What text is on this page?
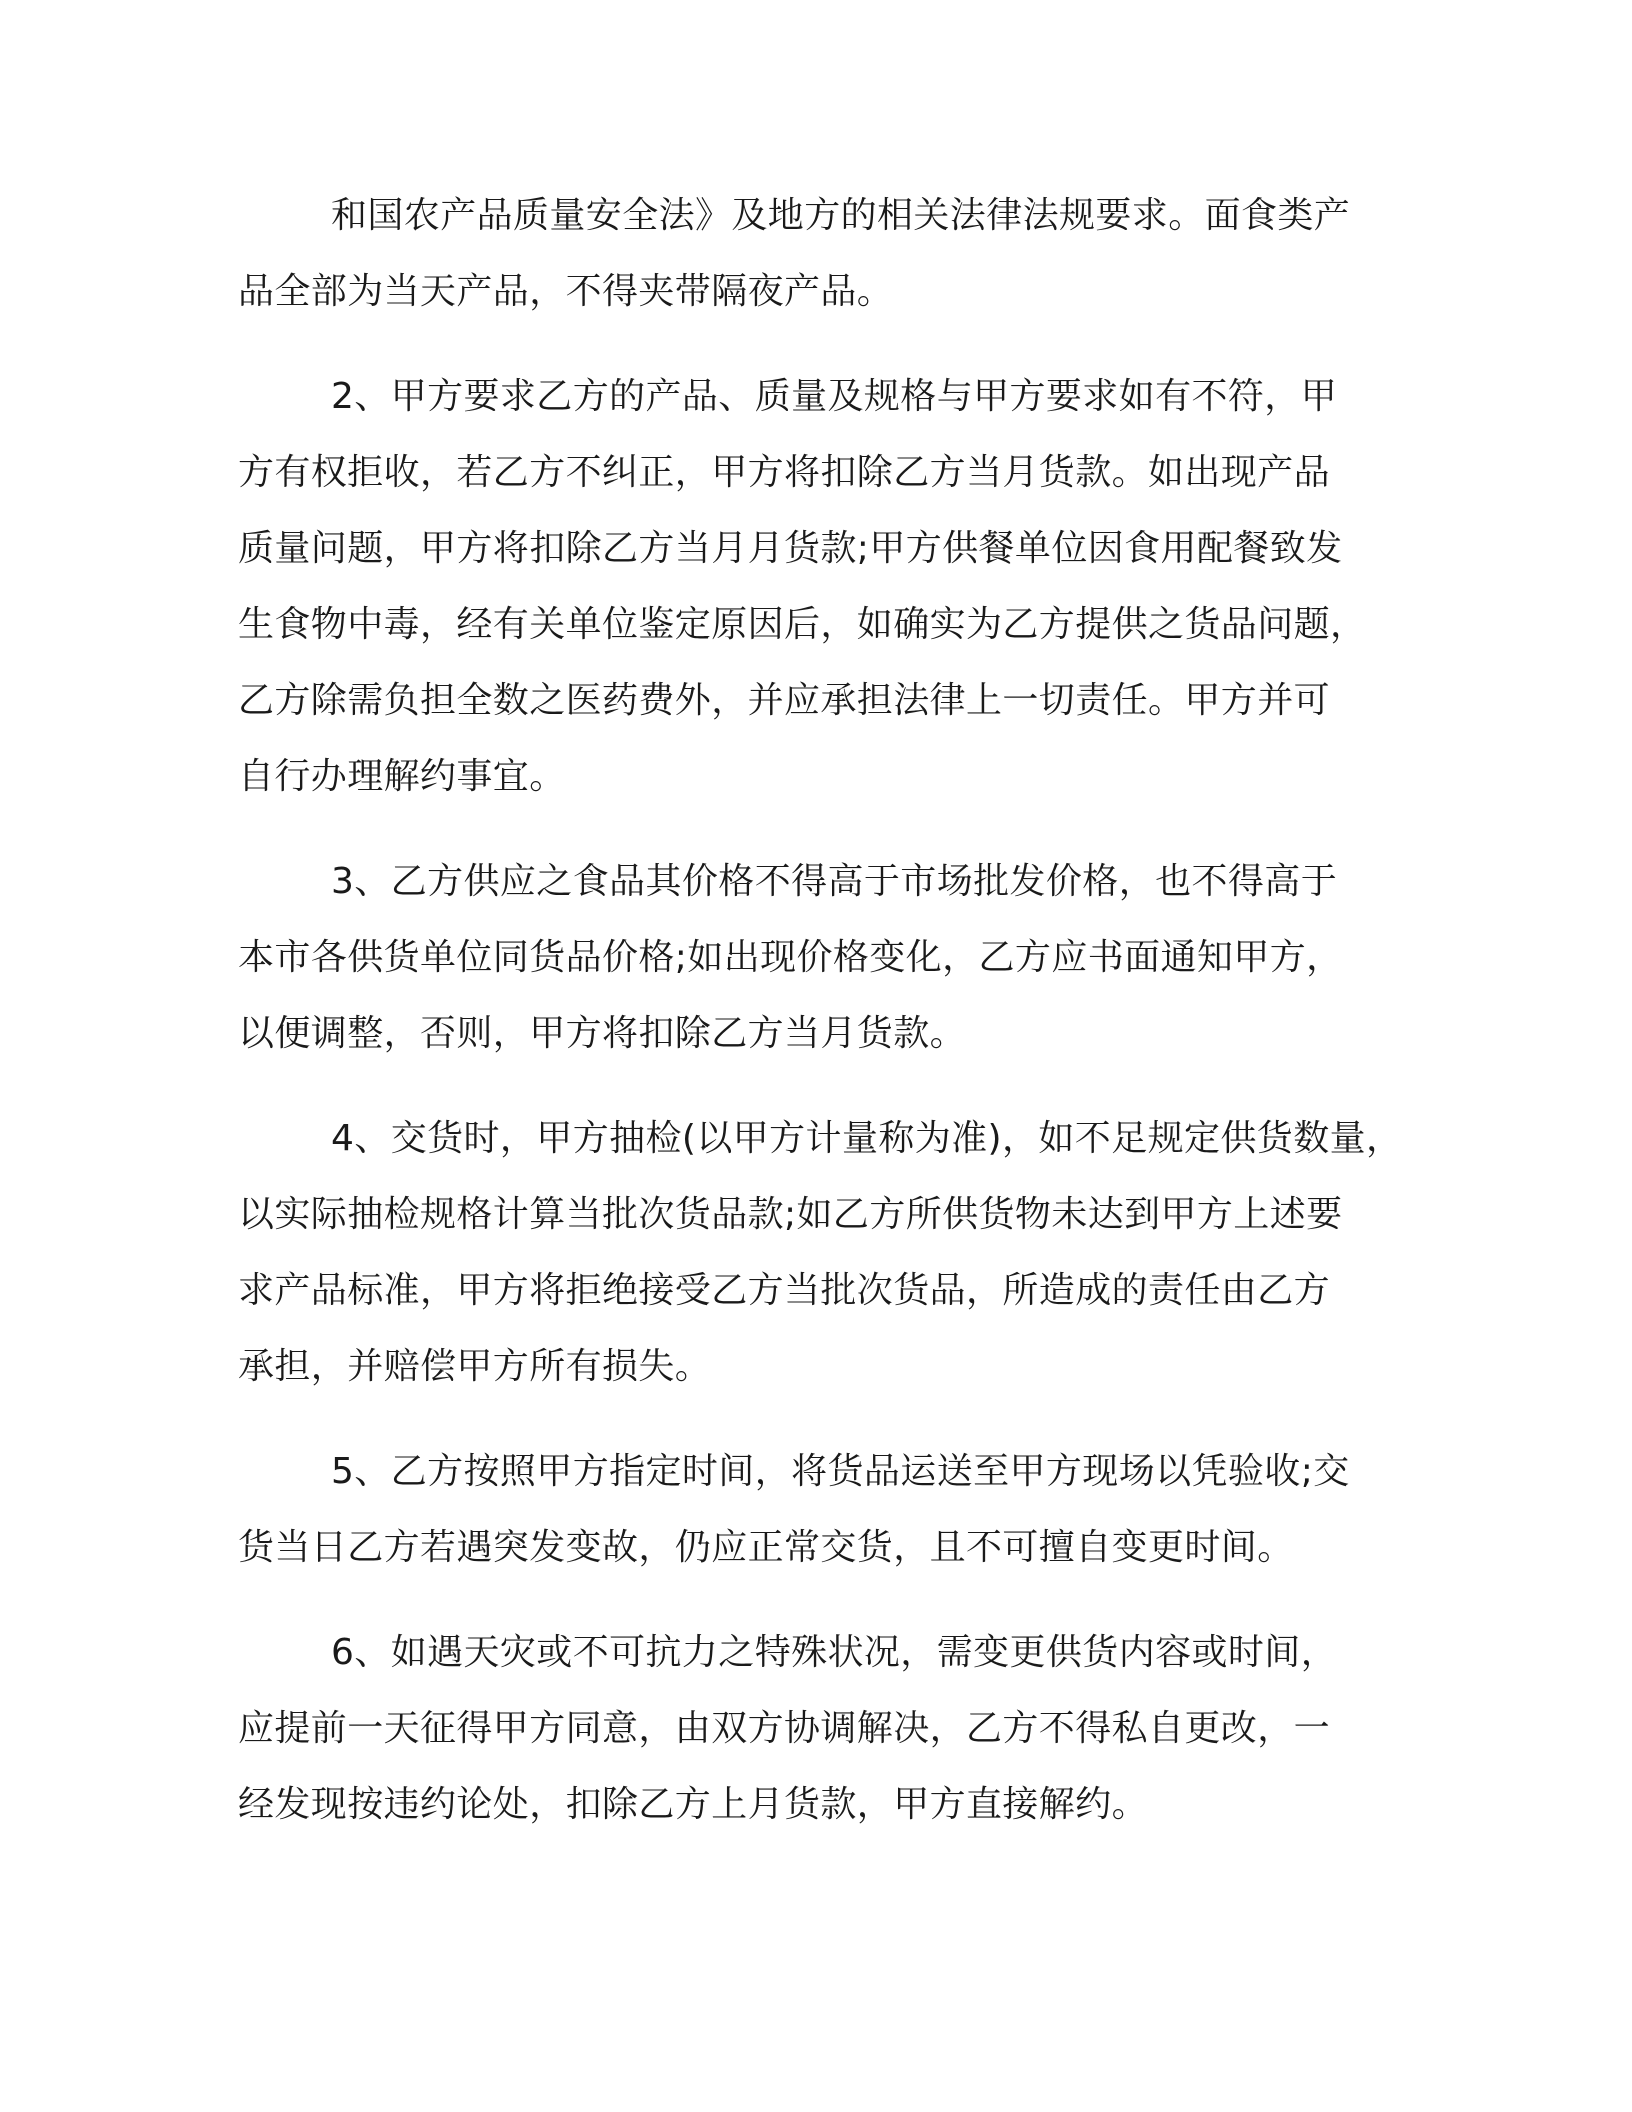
和国农产品质量安全法》及地方的相关法律法规要求。面食类产

品全部为当天产品，不得夹带隔夜产品。

2、甲方要求乙方的产品、质量及规格与甲方要求如有不符，甲

方有权拒收，若乙方不纠正，甲方将扣除乙方当月货款。如出现产品

质量问题，甲方将扣除乙方当月月货款;甲方供餐单位因食用配餐致发

生食物中毒，经有关单位鉴定原因后，如确实为乙方提供之货品问题，

乙方除需负担全数之医药费外，并应承担法律上一切责任。甲方并可

自行办理解约事宜。

3、乙方供应之食品其价格不得高于市场批发价格，也不得高于

本市各供货单位同货品价格;如出现价格变化，乙方应书面通知甲方，

以便调整，否则，甲方将扣除乙方当月货款。

4、交货时，甲方抽检(以甲方计量称为准)，如不足规定供货数量，

以实际抽检规格计算当批次货品款;如乙方所供货物未达到甲方上述要

求产品标准，甲方将拒绝接受乙方当批次货品，所造成的责任由乙方

承担，并赔偿甲方所有损失。

5、乙方按照甲方指定时间，将货品运送至甲方现场以凭验收;交

货当日乙方若遇突发变故，仍应正常交货，且不可擅自变更时间。

6、如遇天灾或不可抗力之特殊状况，需变更供货内容或时间，

应提前一天征得甲方同意，由双方协调解决，乙方不得私自更改，一

经发现按违约论处，扣除乙方上月货款，甲方直接解约。
